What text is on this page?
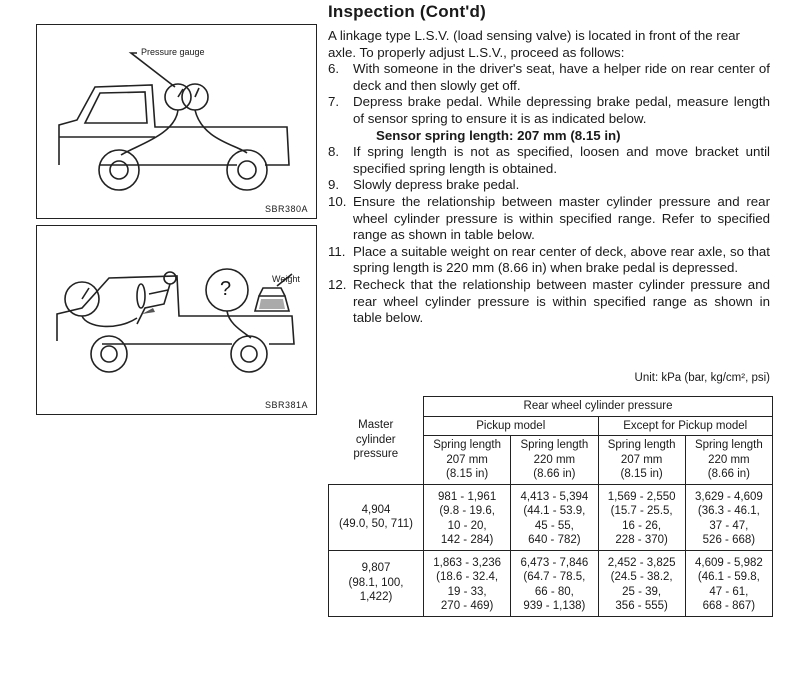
Pressure gauge
SBR380A
?	Weight
SBR381A
Inspection (Cont'd)

A linkage type L.S.V. (load sensing valve) is located in front of the rear axle. To properly adjust L.S.V., proceed as follows:

6.	With someone in the driver's seat, have a helper ride on rear center of deck and then slowly get off.
7.	Depress brake pedal. While depressing brake pedal, measure length of sensor spring to ensure it is as indicated below.

Sensor spring length: 207 mm (8.15 in)

8.	If spring length is not as specified, loosen and move bracket until specified spring length is obtained.
9.	Slowly depress brake pedal.
10. Ensure the relationship between master cylinder pressure and rear wheel cylinder pressure is within specified range. Refer to specified range as shown in table below.
11. Place a suitable weight on rear center of deck, above rear axle, so that spring length is 220 mm (8.66 in) when brake pedal is depressed.
12. Recheck that the relationship between master cylinder pressure and rear wheel cylinder pressure is within specified range as shown in table below.
Unit: kPa (bar, kg/cm², psi)
Master
cylinder
pressure	Rear wheel cylinder pressure			
	Pickup model		Except for Pickup model	

	Spring length
207 mm
(8.15 in)	Spring length
220 mm
(8.66 in)	Spring length
207 mm
(8.15 in)	Spring length
220 mm
(8.66 in)

4,904
(49.0, 50, 711)	981 - 1,961
(9.8 - 19.6,
10 - 20,
142 - 284)	4,413 - 5,394
(44.1 - 53.9,
45 - 55,
640 - 782)	1,569 - 2,550
(15.7 - 25.5,
16 - 26,
228 - 370)	3,629 - 4,609
(36.3 - 46.1,
37 - 47,
526 - 668)

9,807
(98.1, 100,
1,422)	1,863 - 3,236
(18.6 - 32.4,
19 - 33,
270 - 469)	6,473 - 7,846
(64.7 - 78.5,
66 - 80,
939 - 1,138)	2,452 - 3,825
(24.5 - 38.2,
25 - 39,
356 - 555)	4,609 - 5,982
(46.1 - 59.8,
47 - 61,
668 - 867)
